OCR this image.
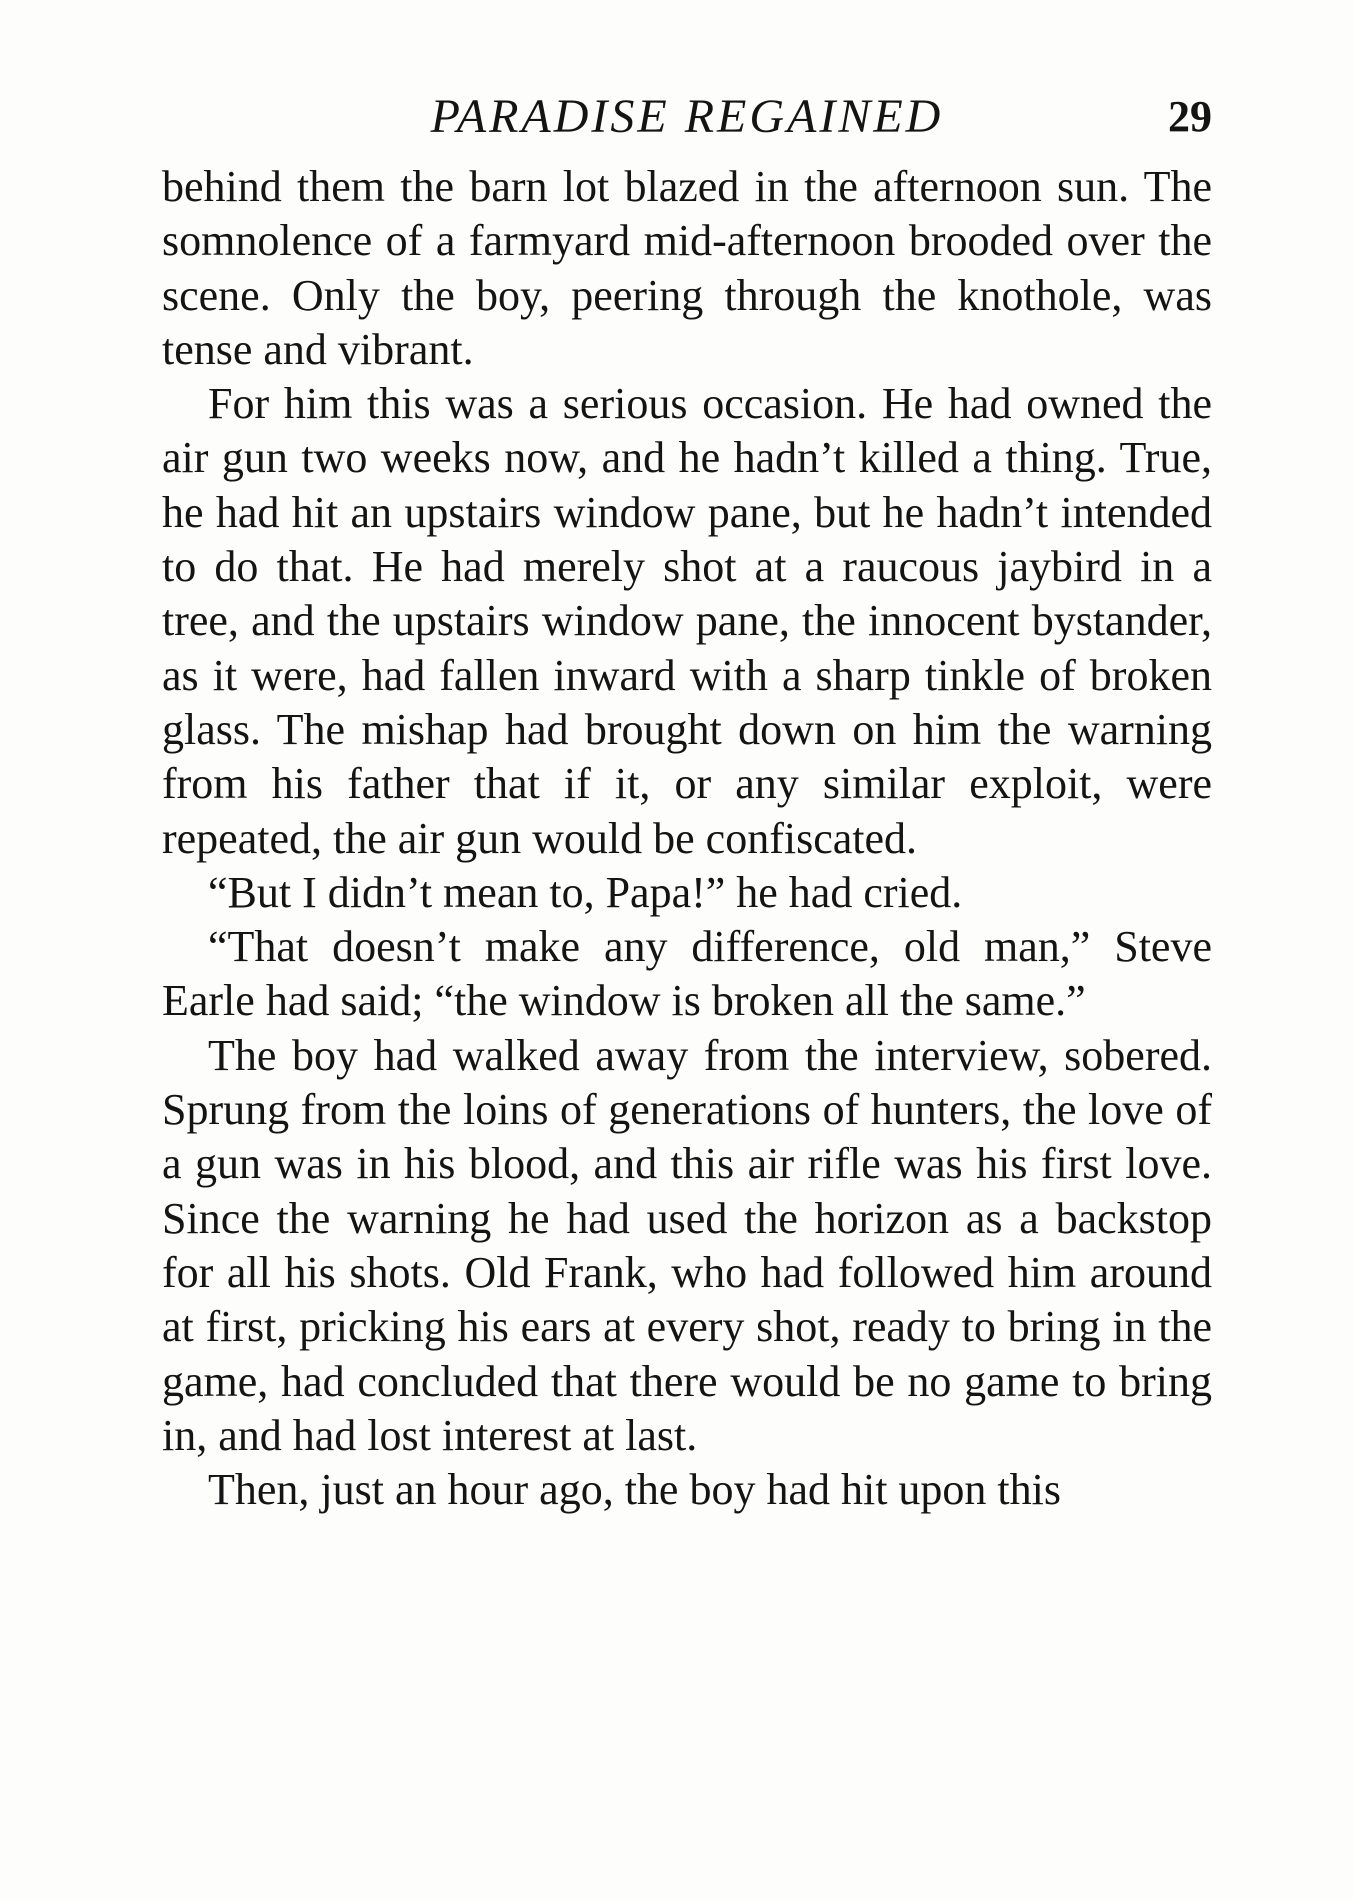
PARADISE REGAINED	29

behind them the barn lot blazed in the afternoon sun. The somnolence of a farmyard mid-afternoon brooded over the scene. Only the boy, peering through the knothole, was tense and vibrant.

For him this was a serious occasion. He had owned the air gun two weeks now, and he hadn’t killed a thing. True, he had hit an upstairs window pane, but he hadn’t intended to do that. He had merely shot at a raucous jaybird in a tree, and the upstairs window pane, the innocent bystander, as it were, had fallen inward with a sharp tinkle of broken glass. The mishap had brought down on him the warning from his father that if it, or any similar exploit, were repeated, the air gun would be confiscated.

“But I didn’t mean to, Papa!” he had cried.

“That doesn’t make any difference, old man,” Steve Earle had said; “the window is broken all the same.”

The boy had walked away from the interview, sobered. Sprung from the loins of generations of hunters, the love of a gun was in his blood, and this air rifle was his first love. Since the warning he had used the horizon as a backstop for all his shots. Old Frank, who had followed him around at first, pricking his ears at every shot, ready to bring in the game, had concluded that there would be no game to bring in, and had lost interest at last.

Then, just an hour ago, the boy had hit upon this
